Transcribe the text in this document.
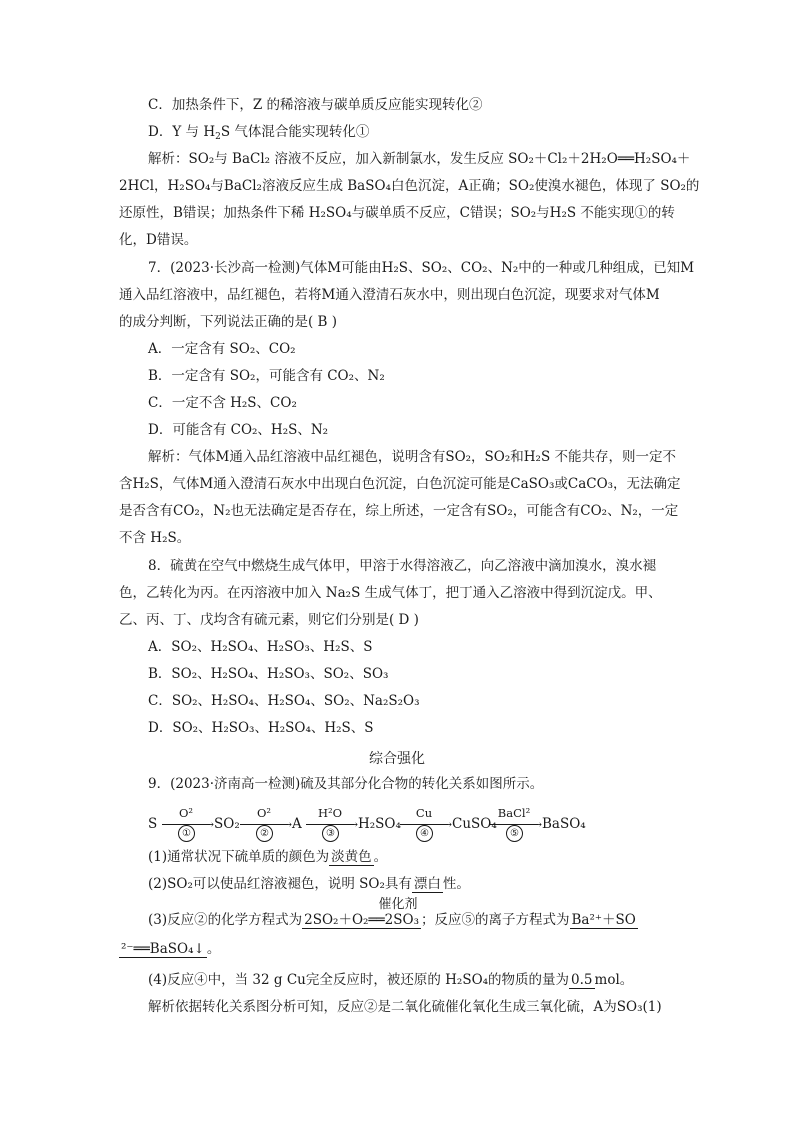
C．加热条件下，Z 的稀溶液与碳单质反应能实现转化②
D．Y 与 $H_2S$ 气体混合能实现转化①
解析：SO₂与 BaCl₂ 溶液不反应，加入新制氯水，发生反应 SO₂＋Cl₂＋2H₂O══H₂SO₄＋
2HCl，H₂SO₄与BaCl₂溶液反应生成 BaSO₄白色沉淀，A正确；SO₂使溴水褪色，体现了 SO₂的
还原性，B错误；加热条件下稀 H₂SO₄与碳单质不反应，C错误；SO₂与H₂S 不能实现①的转
化，D错误。
7．(2023·长沙高一检测)气体M可能由H₂S、SO₂、CO₂、N₂中的一种或几种组成，已知M
通入品红溶液中，品红褪色，若将M通入澄清石灰水中，则出现白色沉淀，现要求对气体M
的成分判断，下列说法正确的是( B )
A．一定含有 SO₂、CO₂
B．一定含有 SO₂，可能含有 CO₂、N₂
C．一定不含 H₂S、CO₂
D．可能含有 CO₂、H₂S、N₂
解析：气体M通入品红溶液中品红褪色，说明含有SO₂，SO₂和H₂S 不能共存，则一定不
含H₂S，气体M通入澄清石灰水中出现白色沉淀，白色沉淀可能是CaSO₃或CaCO₃，无法确定
是否含有CO₂，N₂也无法确定是否存在，综上所述，一定含有SO₂，可能含有CO₂、N₂，一定
不含 H₂S。
8．硫黄在空气中燃烧生成气体甲，甲溶于水得溶液乙，向乙溶液中滴加溴水，溴水褪
色，乙转化为丙。在丙溶液中加入 Na₂S 生成气体丁，把丁通入乙溶液中得到沉淀戊。甲、
乙、丙、丁、戊均含有硫元素，则它们分别是( D )
A．SO₂、H₂SO₄、H₂SO₃、H₂S、S
B．SO₂、H₂SO₄、H₂SO₃、SO₂、SO₃
C．SO₂、H₂SO₄、H₂SO₄、SO₂、Na₂S₂O₃
D．SO₂、H₂SO₃、H₂SO₄、H₂S、S
综合强化
9．(2023·济南高一检测)硫及其部分化合物的转化关系如图所示。
S
O²
→
①
SO₂
O²
→
②
A
H²O
→
③
H₂SO₄
Cu
→
④
CuSO₄
BaCl²
→
⑤
BaSO₄
(1)通常状况下硫单质的颜色为 淡黄色 。
(2)SO₂可以使品红溶液褪色，说明 SO₂具有 漂白 性。
催化剂
(3)反应②的化学方程式为 2SO₂＋O₂══2SO₃ ；反应⑤的离子方程式为 Ba²⁺＋SO
²⁻══BaSO₄↓ 。
(4)反应④中，当 32 g Cu完全反应时，被还原的 H₂SO₄的物质的量为 0.5 mol。
解析依据转化关系图分析可知，反应②是二氧化硫催化氧化生成三氧化硫，A为SO₃(1)
